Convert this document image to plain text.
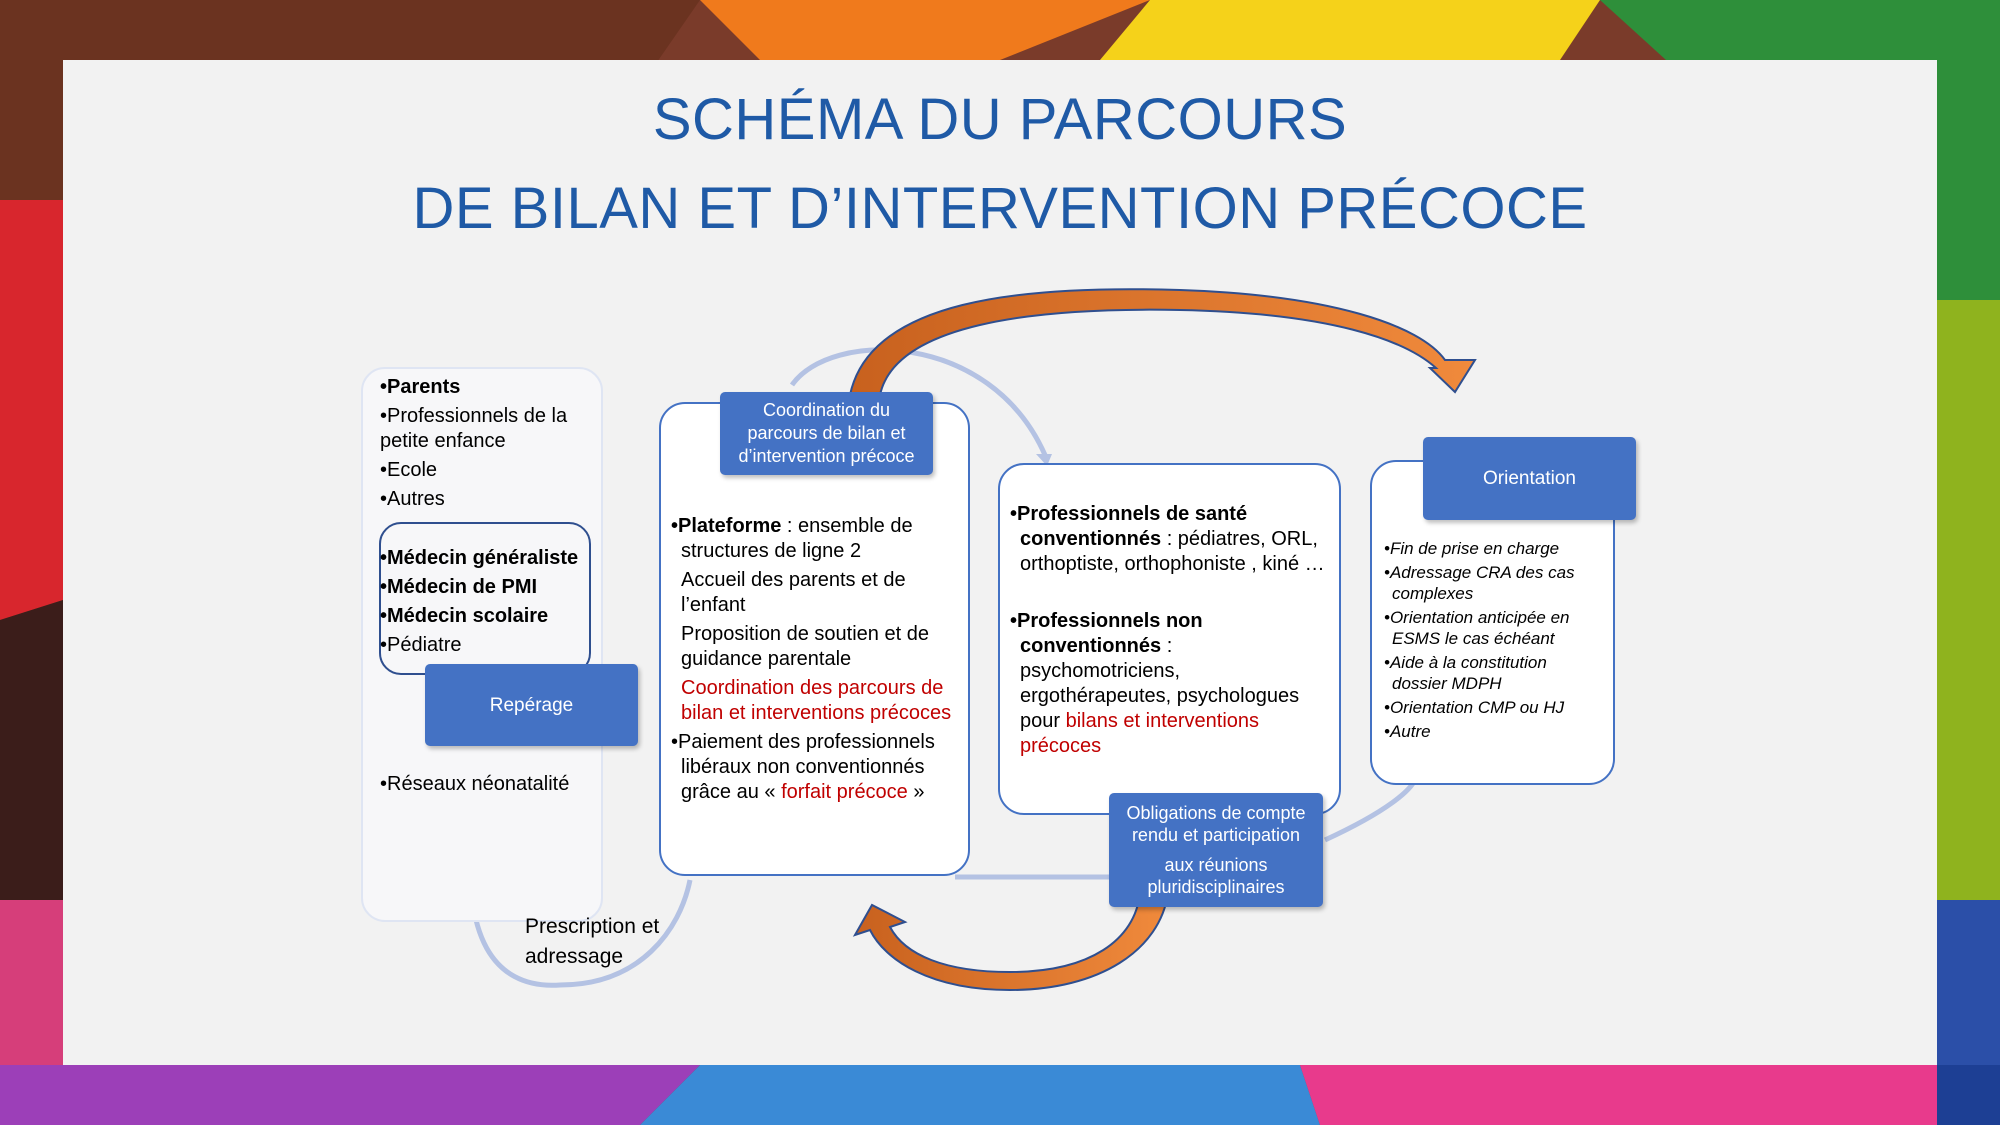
SCHÉMA DU PARCOURS
DE BILAN ET D’INTERVENTION PRÉCOCE
•Parents
•Professionnels de la petite enfance
•Ecole
•Autres
•Médecin généraliste
•Médecin de PMI
•Médecin scolaire
•Pédiatre
Repérage
•Réseaux néonatalité
Prescription et
adressage
Coordination du parcours de bilan et d’intervention précoce
•Plateforme : ensemble de structures de ligne 2
Accueil des parents et de l’enfant
Proposition de soutien et de guidance parentale
Coordination des parcours de bilan et interventions précoces
•Paiement des professionnels libéraux non conventionnés grâce au « forfait précoce »
•Professionnels de santé conventionnés : pédiatres, ORL, orthoptiste, orthophoniste , kiné …
•Professionnels non conventionnés : psychomotriciens, ergothérapeutes, psychologues pour bilans et interventions précoces
Obligations de compte rendu et participation
aux réunions pluridisciplinaires
Orientation
•Fin de prise en charge
•Adressage CRA des cas complexes
•Orientation anticipée en ESMS le cas échéant
•Aide à la constitution dossier MDPH
•Orientation CMP ou HJ
•Autre
